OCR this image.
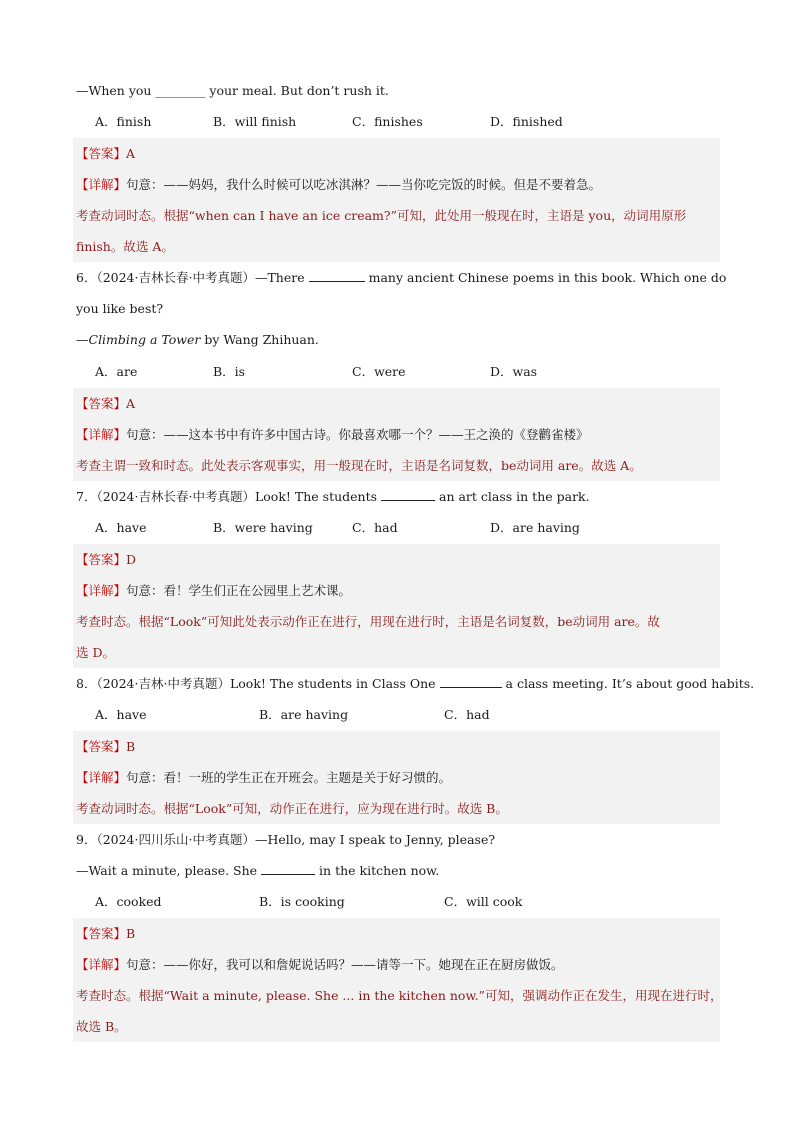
—When you ________ your meal. But don’t rush it.
A．finish	B．will finish	C．finishes	D．finished
【答案】A
【详解】句意：——妈妈，我什么时候可以吃冰淇淋？——当你吃完饭的时候。但是不要着急。
考查动词时态。根据“when can I have an ice cream?”可知，此处用一般现在时，主语是 you，动词用原形
finish。故选 A。
6．（2024·吉林长春·中考真题）—There	many ancient Chinese poems in this book. Which one do
you like best?
—Climbing a Tower by Wang Zhihuan.
A．are	B．is	C．were	D．was
【答案】A
【详解】句意：——这本书中有许多中国古诗。你最喜欢哪一个？——王之涣的《登鹳雀楼》
考查主谓一致和时态。此处表示客观事实，用一般现在时，主语是名词复数，be动词用 are。故选 A。
7．（2024·吉林长春·中考真题）Look! The students	an art class in the park.
A．have	B．were having	C．had	D．are having
【答案】D
【详解】句意：看！学生们正在公园里上艺术课。
考查时态。根据“Look”可知此处表示动作正在进行，用现在进行时，主语是名词复数，be动词用 are。故
选 D。
8．（2024·吉林·中考真题）Look! The students in Class One	a class meeting. It’s about good habits.
A．have	B．are having	C．had
【答案】B
【详解】句意：看！一班的学生正在开班会。主题是关于好习惯的。
考查动词时态。根据“Look”可知，动作正在进行，应为现在进行时。故选 B。
9．（2024·四川乐山·中考真题）—Hello, may I speak to Jenny, please?
—Wait a minute, please. She	in the kitchen now.
A．cooked	B．is cooking	C．will cook
【答案】B
【详解】句意：——你好，我可以和詹妮说话吗？——请等一下。她现在正在厨房做饭。
考查时态。根据“Wait a minute, please. She ... in the kitchen now.”可知，强调动作正在发生，用现在进行时，
故选 B。
